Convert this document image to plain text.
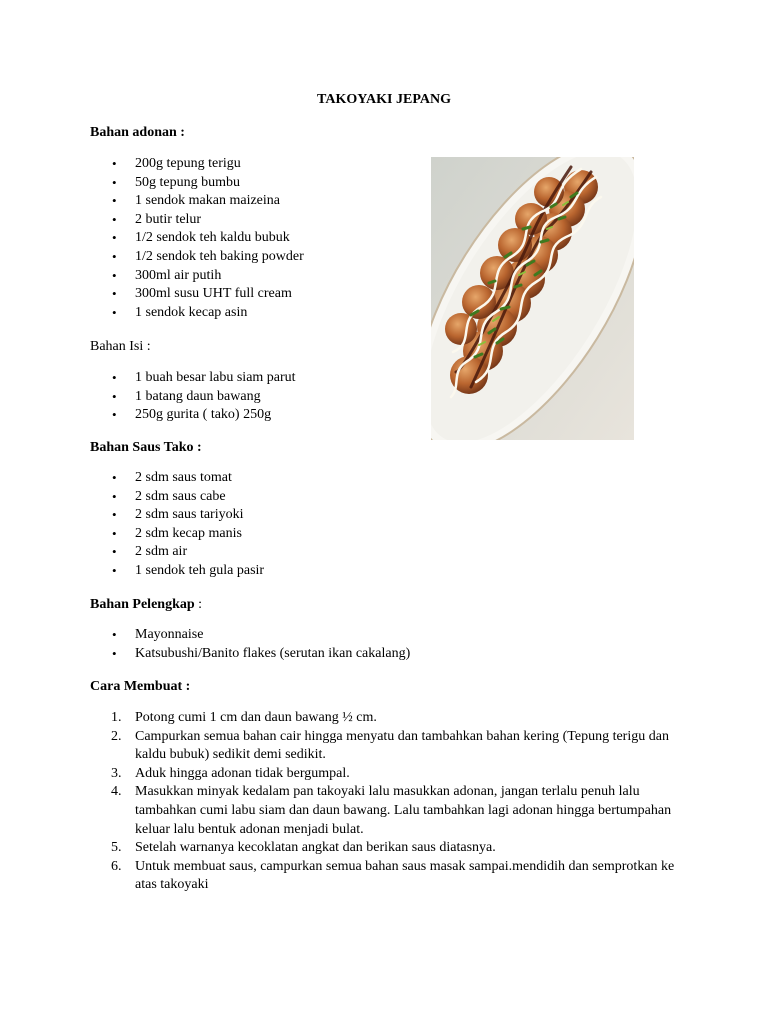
TAKOYAKI JEPANG
Bahan adonan :
• 200g tepung terigu
• 50g tepung bumbu
• 1 sendok makan maizeina
• 2 butir telur
• 1/2 sendok teh kaldu bubuk
• 1/2 sendok teh baking powder
• 300ml air putih
• 300ml susu UHT full cream
• 1 sendok kecap asin
Bahan Isi :
• 1 buah besar labu siam parut
• 1 batang daun bawang
• 250g gurita ( tako) 250g
Bahan Saus Tako :
• 2 sdm saus tomat
• 2 sdm saus cabe
• 2 sdm saus tariyoki
• 2 sdm kecap manis
• 2 sdm air
• 1 sendok teh gula pasir
Bahan Pelengkap :
• Mayonnaise
• Katsubushi/Banito flakes (serutan ikan cakalang)
Cara Membuat :
1. Potong cumi 1 cm dan daun bawang ½ cm.
2. Campurkan semua bahan cair hingga menyatu dan tambahkan bahan kering (Tepung terigu dan kaldu bubuk) sedikit demi sedikit.
3. Aduk hingga adonan tidak bergumpal.
4. Masukkan minyak kedalam pan takoyaki lalu masukkan adonan, jangan terlalu penuh lalu tambahkan cumi labu siam dan daun bawang. Lalu tambahkan lagi adonan hingga bertumpahan keluar lalu bentuk adonan menjadi bulat.
5. Setelah warnanya kecoklatan angkat dan berikan saus diatasnya.
6. Untuk membuat saus, campurkan semua bahan saus masak sampai.mendidih dan semprotkan ke atas takoyaki
